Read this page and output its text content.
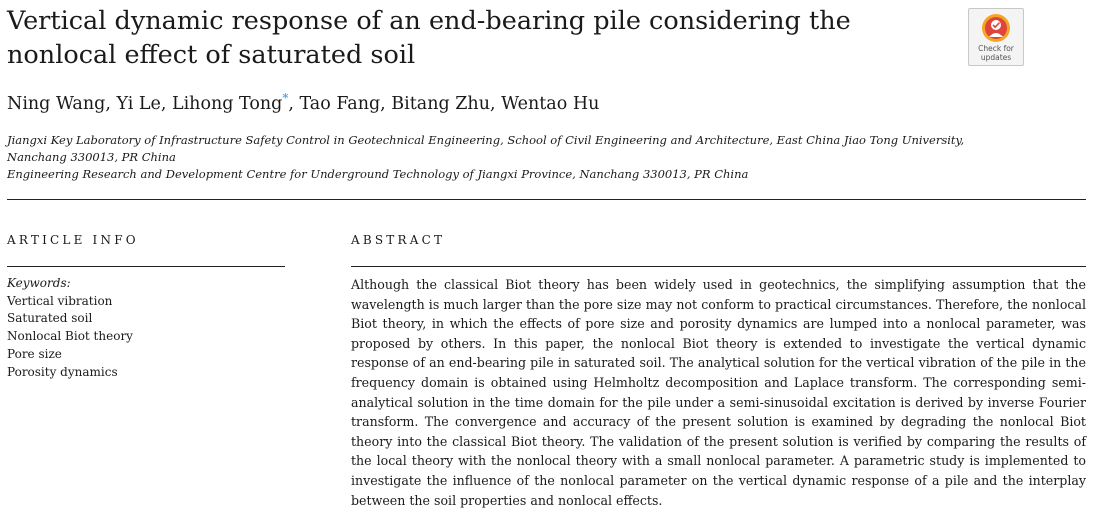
Vertical dynamic response of an end-bearing pile considering the nonlocal effect of saturated soil	Check for
updates
Ning Wang, Yi Le, Lihong Tong*, Tao Fang, Bitang Zhu, Wentao Hu
Jiangxi Key Laboratory of Infrastructure Safety Control in Geotechnical Engineering, School of Civil Engineering and Architecture, East China Jiao Tong University,
Nanchang 330013, PR China
Engineering Research and Development Centre for Underground Technology of Jiangxi Province, Nanchang 330013, PR China
ARTICLE INFO	ABSTRACT
Keywords:
Vertical vibration
Saturated soil
Nonlocal Biot theory
Pore size
Porosity dynamics

Although the classical Biot theory has been widely used in geotechnics, the simplifying assumption that the wavelength is much larger than the pore size may not conform to practical circumstances. Therefore, the nonlocal Biot theory, in which the effects of pore size and porosity dynamics are lumped into a nonlocal parameter, was proposed by others. In this paper, the nonlocal Biot theory is extended to investigate the vertical dynamic response of an end-bearing pile in saturated soil. The analytical solution for the vertical vibration of the pile in the frequency domain is obtained using Helmholtz decomposition and Laplace transform. The corresponding semi-analytical solution in the time domain for the pile under a semi-sinusoidal excitation is derived by inverse Fourier transform. The convergence and accuracy of the present solution is examined by degrading the nonlocal Biot theory into the classical Biot theory. The validation of the present solution is verified by comparing the results of the local theory with the nonlocal theory with a small nonlocal parameter. A parametric study is implemented to investigate the influence of the nonlocal parameter on the vertical dynamic response of a pile and the interplay between the soil properties and nonlocal effects.
